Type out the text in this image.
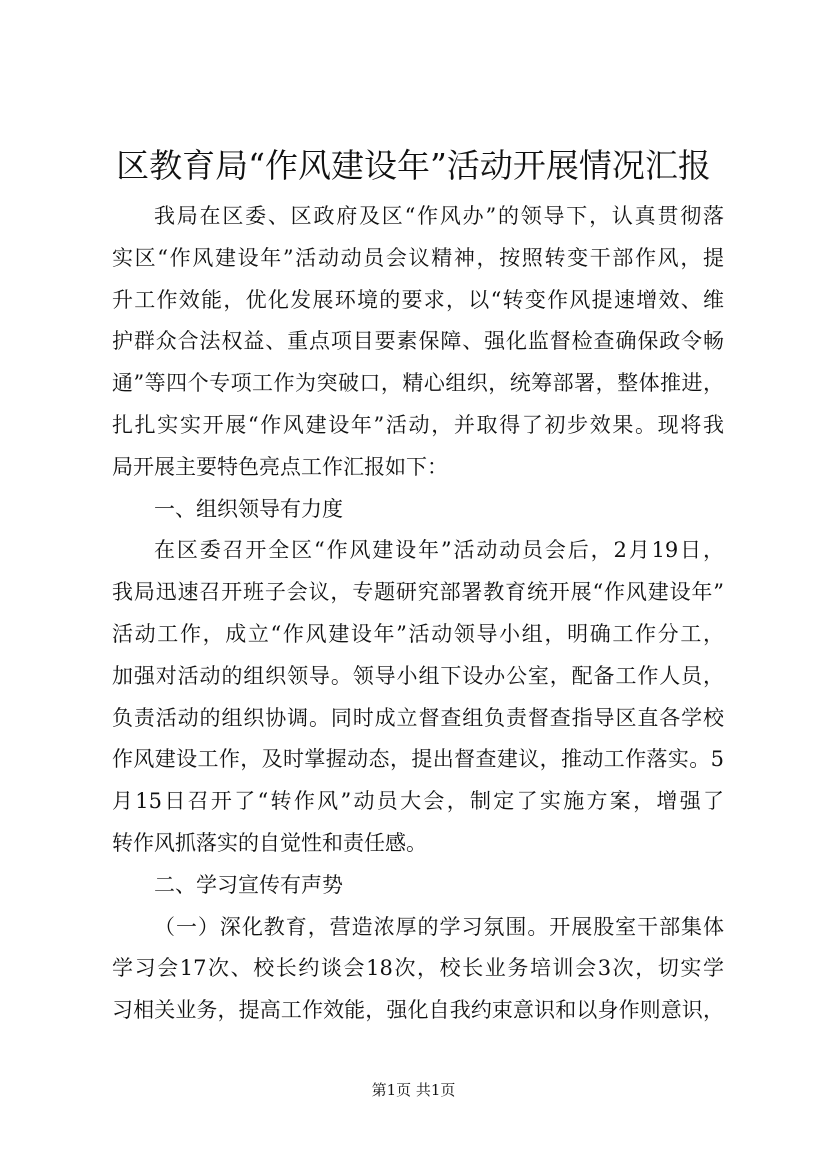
区教育局“作风建设年”活动开展情况汇报
我局在区委、区政府及区“作风办”的领导下，认真贯彻落
实区“作风建设年”活动动员会议精神，按照转变干部作风，提
升工作效能，优化发展环境的要求，以“转变作风提速增效、维
护群众合法权益、重点项目要素保障、强化监督检查确保政令畅
通”等四个专项工作为突破口，精心组织，统筹部署，整体推进，
扎扎实实开展“作风建设年”活动，并取得了初步效果。现将我
局开展主要特色亮点工作汇报如下：
一、组织领导有力度
在区委召开全区“作风建设年”活动动员会后，2月19日，
我局迅速召开班子会议，专题研究部署教育统开展“作风建设年”
活动工作，成立“作风建设年”活动领导小组，明确工作分工，
加强对活动的组织领导。领导小组下设办公室，配备工作人员，
负责活动的组织协调。同时成立督查组负责督查指导区直各学校
作风建设工作，及时掌握动态，提出督查建议，推动工作落实。5
月15日召开了“转作风”动员大会，制定了实施方案，增强了
转作风抓落实的自觉性和责任感。
二、学习宣传有声势
（一）深化教育，营造浓厚的学习氛围。开展股室干部集体
学习会17次、校长约谈会18次，校长业务培训会3次，切实学
习相关业务，提高工作效能，强化自我约束意识和以身作则意识，
第1页 共1页
